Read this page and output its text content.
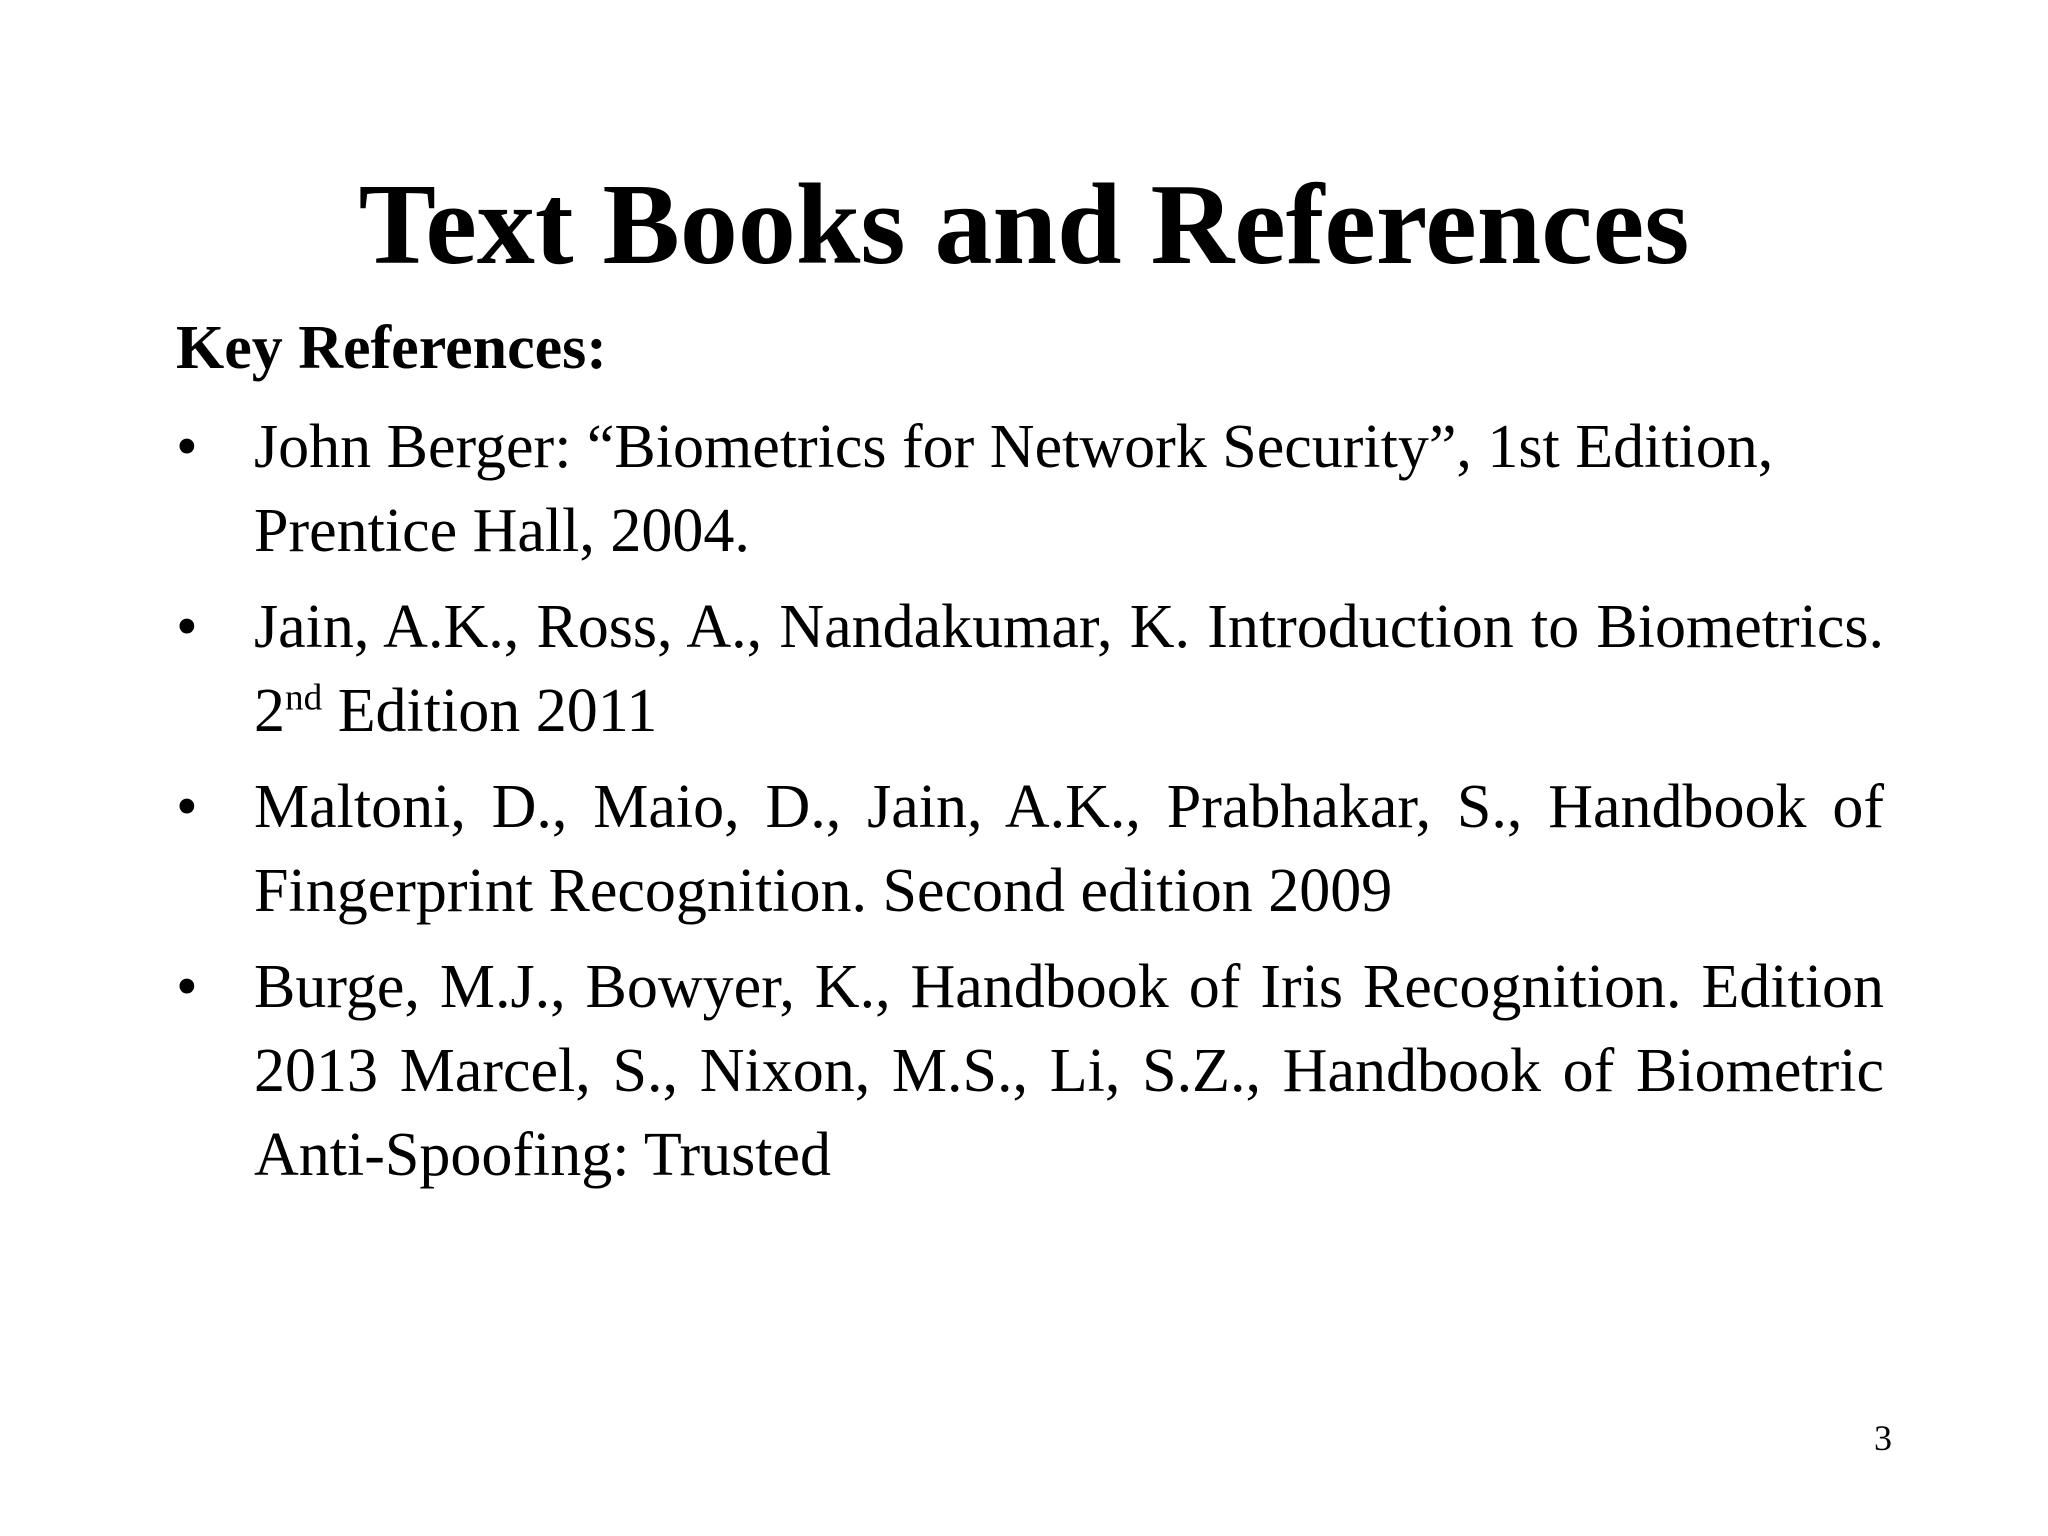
Text Books and References
Key References:
• John Berger: “Biometrics for Network Security”, 1st Edition, Prentice Hall, 2004.
• Jain, A.K., Ross, A., Nandakumar, K. Introduction to Biometrics. 2nd Edition 2011
• Maltoni, D., Maio, D., Jain, A.K., Prabhakar, S., Handbook of Fingerprint Recognition. Second edition 2009
• Burge, M.J., Bowyer, K., Handbook of Iris Recognition. Edition 2013 Marcel, S., Nixon, M.S., Li, S.Z., Handbook of Biometric Anti-Spoofing: Trusted
3
